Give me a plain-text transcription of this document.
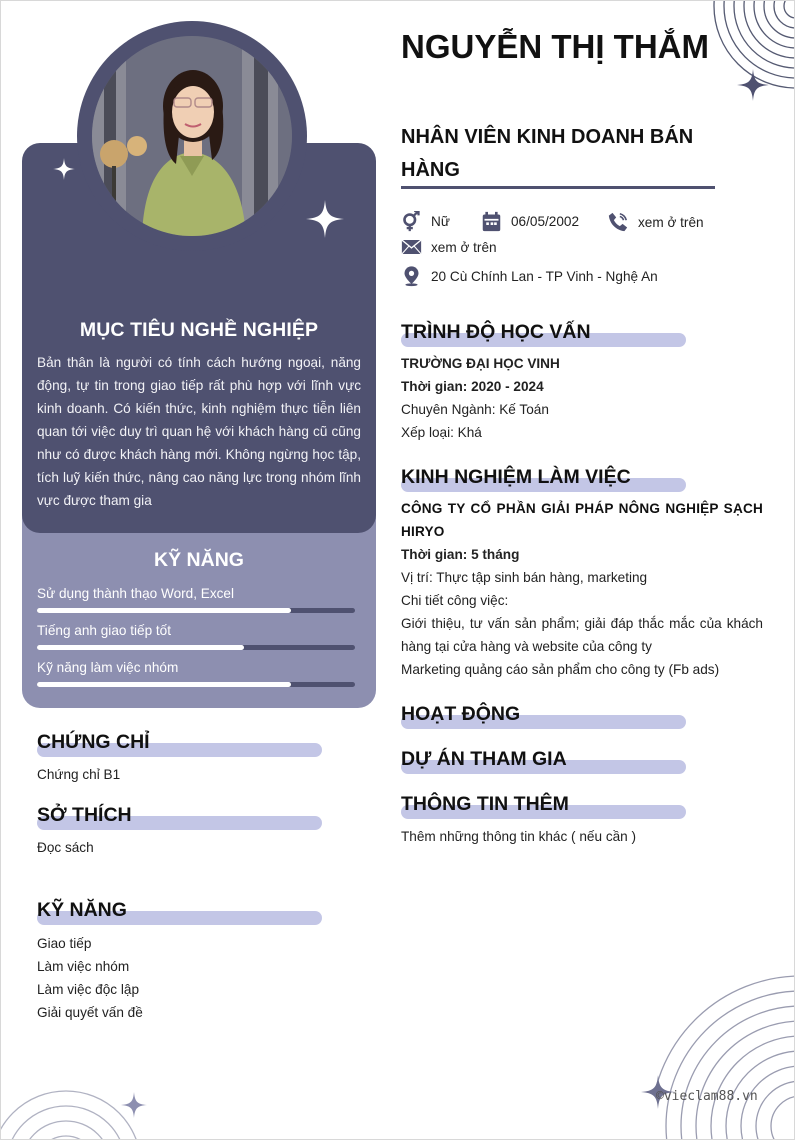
MỤC TIÊU NGHỀ NGHIỆP
Bản thân là người có tính cách hướng ngoại, năng động, tự tin trong giao tiếp rất phù hợp với lĩnh vực kinh doanh. Có kiến thức, kinh nghiệm thực tiễn liên quan tới việc duy trì quan hệ với khách hàng cũ cũng như có được khách hàng mới. Không ngừng học tập, tích luỹ kiến thức, nâng cao năng lực trong nhóm lĩnh vực được tham gia
KỸ NĂNG
Sử dụng thành thạo Word, Excel
Tiếng anh giao tiếp tốt
Kỹ năng làm việc nhóm
CHỨNG CHỈ
Chứng chỉ B1
SỞ THÍCH
Đọc sách
KỸ NĂNG
Giao tiếp
Làm việc nhóm
Làm việc độc lập
Giải quyết vấn đề
NGUYỄN THỊ THẮM
NHÂN VIÊN KINH DOANH BÁN HÀNG
Nữ	06/05/2002	xem ở trên
xem ở trên
20 Cù Chính Lan - TP Vinh - Nghệ An
TRÌNH ĐỘ HỌC VẤN
TRƯỜNG ĐẠI HỌC VINH
Thời gian: 2020 - 2024
Chuyên Ngành: Kế Toán
Xếp loại: Khá
KINH NGHIỆM LÀM VIỆC
CÔNG TY CỔ PHẦN GIẢI PHÁP NÔNG NGHIỆP SẠCH HIRYO
Thời gian: 5 tháng
Vị trí: Thực tập sinh bán hàng, marketing
Chi tiết công việc:
Giới thiệu, tư vấn sản phẩm; giải đáp thắc mắc của khách hàng tại cửa hàng và website của công ty
Marketing quảng cáo sản phẩm cho công ty (Fb ads)
HOẠT ĐỘNG
DỰ ÁN THAM GIA
THÔNG TIN THÊM
Thêm những thông tin khác ( nếu cần )
©vieclam88.vn
